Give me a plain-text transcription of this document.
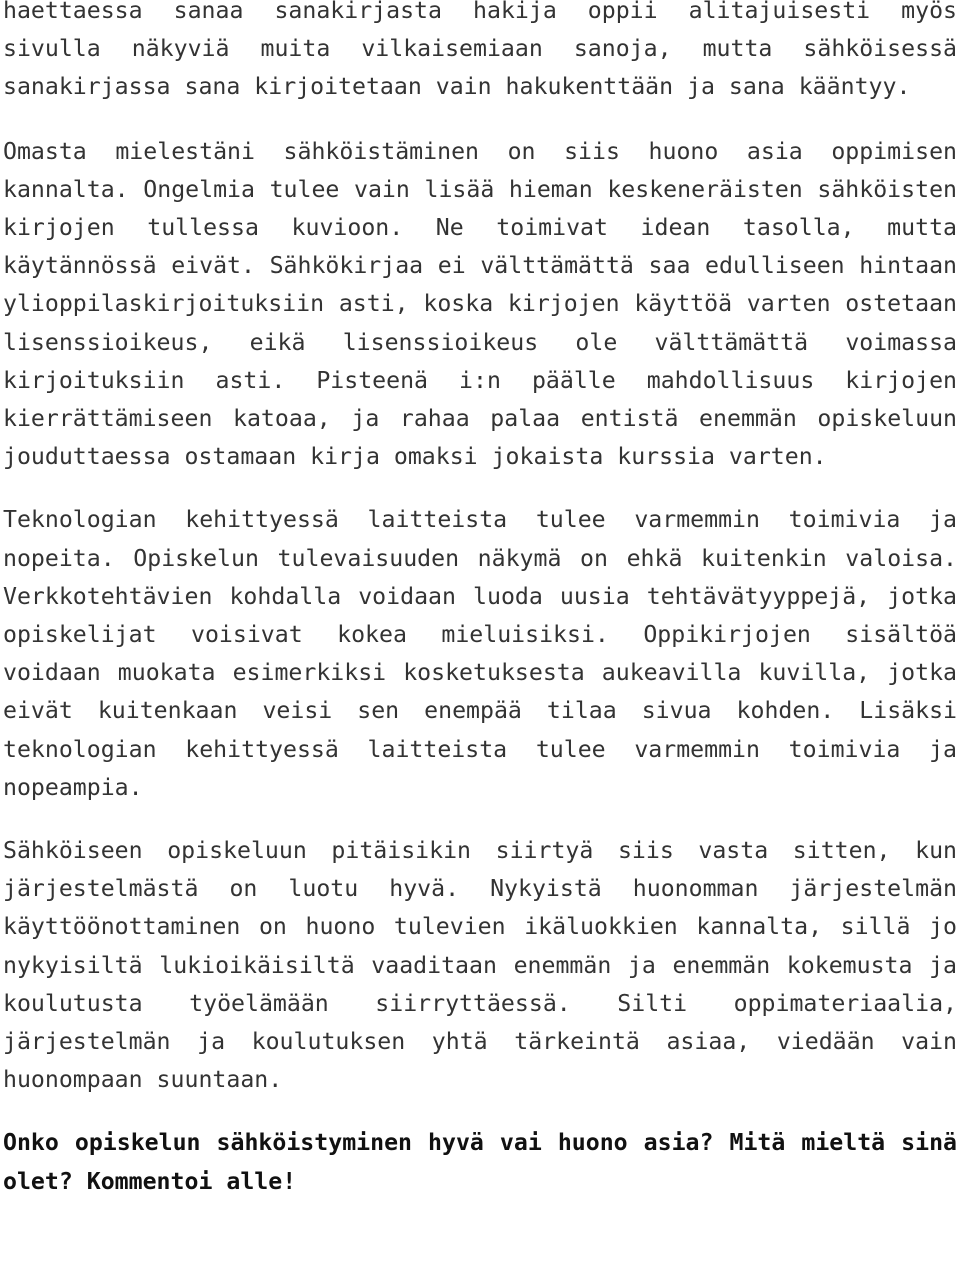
haettaessa sanaa sanakirjasta hakija oppii alitajuisesti myös sivulla näkyviä muita vilkaisemiaan sanoja, mutta sähköisessä sanakirjassa sana kirjoitetaan vain hakukenttään ja sana kääntyy.

Omasta mielestäni sähköistäminen on siis huono asia oppimisen kannalta. Ongelmia tulee vain lisää hieman keskeneräisten sähköisten kirjojen tullessa kuvioon. Ne toimivat idean tasolla, mutta käytännössä eivät. Sähkökirjaa ei välttämättä saa edulliseen hintaan ylioppilaskirjoituksiin asti, koska kirjojen käyttöä varten ostetaan lisenssioikeus, eikä lisenssioikeus ole välttämättä voimassa kirjoituksiin asti. Pisteenä i:n päälle mahdollisuus kirjojen kierrättämiseen katoaa, ja rahaa palaa entistä enemmän opiskeluun jouduttaessa ostamaan kirja omaksi jokaista kurssia varten.

Teknologian kehittyessä laitteista tulee varmemmin toimivia ja nopeita. Opiskelun tulevaisuuden näkymä on ehkä kuitenkin valoisa. Verkkotehtävien kohdalla voidaan luoda uusia tehtävätyyppejä, jotka opiskelijat voisivat kokea mieluisiksi. Oppikirjojen sisältöä voidaan muokata esimerkiksi kosketuksesta aukeavilla kuvilla, jotka eivät kuitenkaan veisi sen enempää tilaa sivua kohden. Lisäksi teknologian kehittyessä laitteista tulee varmemmin toimivia ja nopeampia.

Sähköiseen opiskeluun pitäisikin siirtyä siis vasta sitten, kun järjestelmästä on luotu hyvä. Nykyistä huonomman järjestelmän käyttöönottaminen on huono tulevien ikäluokkien kannalta, sillä jo nykyisiltä lukioikäisiltä vaaditaan enemmän ja enemmän kokemusta ja koulutusta työelämään siirryttäessä. Silti oppimateriaalia, järjestelmän ja koulutuksen yhtä tärkeintä asiaa, viedään vain huonompaan suuntaan.

Onko opiskelun sähköistyminen hyvä vai huono asia? Mitä mieltä sinä olet? Kommentoi alle!
